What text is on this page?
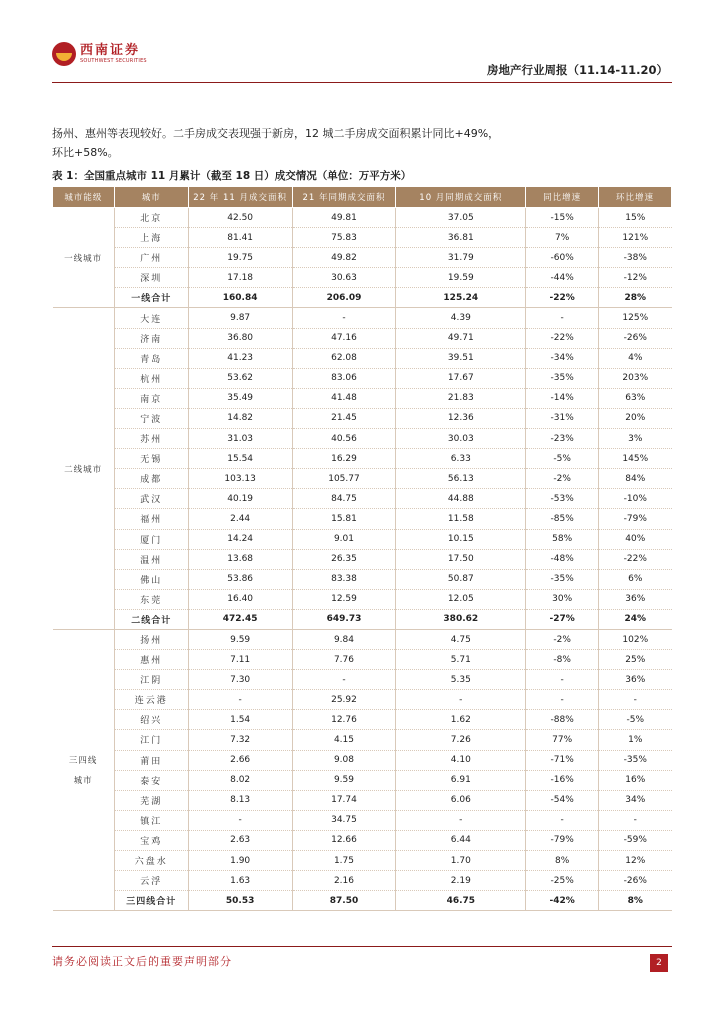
西南证券
SOUTHWEST SECURITIES
房地产行业周报（11.14-11.20）
扬州、惠州等表现较好。二手房成交表现强于新房，12 城二手房成交面积累计同比+49%，
环比+58%。
表 1：全国重点城市 11 月累计（截至 18 日）成交情况（单位：万平方米）
城市能级	城市	22 年 11 月成交面积	21 年同期成交面积	10 月同期成交面积	同比增速	环比增速
一线城市	北京	42.50	49.81	37.05	-15%	15%
	上海	81.41	75.83	36.81	7%	121%
	广州	19.75	49.82	31.79	-60%	-38%
	深圳	17.18	30.63	19.59	-44%	-12%
	一线合计	160.84	206.09	125.24	-22%	28%
二线城市	大连	9.87	-	4.39	-	125%
	济南	36.80	47.16	49.71	-22%	-26%
	青岛	41.23	62.08	39.51	-34%	4%
	杭州	53.62	83.06	17.67	-35%	203%
	南京	35.49	41.48	21.83	-14%	63%
	宁波	14.82	21.45	12.36	-31%	20%
	苏州	31.03	40.56	30.03	-23%	3%
	无锡	15.54	16.29	6.33	-5%	145%
	成都	103.13	105.77	56.13	-2%	84%
	武汉	40.19	84.75	44.88	-53%	-10%
	福州	2.44	15.81	11.58	-85%	-79%
	厦门	14.24	9.01	10.15	58%	40%
	温州	13.68	26.35	17.50	-48%	-22%
	佛山	53.86	83.38	50.87	-35%	6%
	东莞	16.40	12.59	12.05	30%	36%
	二线合计	472.45	649.73	380.62	-27%	24%

三四线
城市	扬州	9.59	9.84	4.75	-2%	102%
	惠州	7.11	7.76	5.71	-8%	25%
	江阴	7.30	-	5.35	-	36%
	连云港	-	25.92	-	-	-
	绍兴	1.54	12.76	1.62	-88%	-5%
	江门	7.32	4.15	7.26	77%	1%
	莆田	2.66	9.08	4.10	-71%	-35%
	泰安	8.02	9.59	6.91	-16%	16%
	芜湖	8.13	17.74	6.06	-54%	34%
	镇江	-	34.75	-	-	-
	宝鸡	2.63	12.66	6.44	-79%	-59%
	六盘水	1.90	1.75	1.70	8%	12%
	云浮	1.63	2.16	2.19	-25%	-26%
	三四线合计	50.53	87.50	46.75	-42%	8%
请务必阅读正文后的重要声明部分	2
